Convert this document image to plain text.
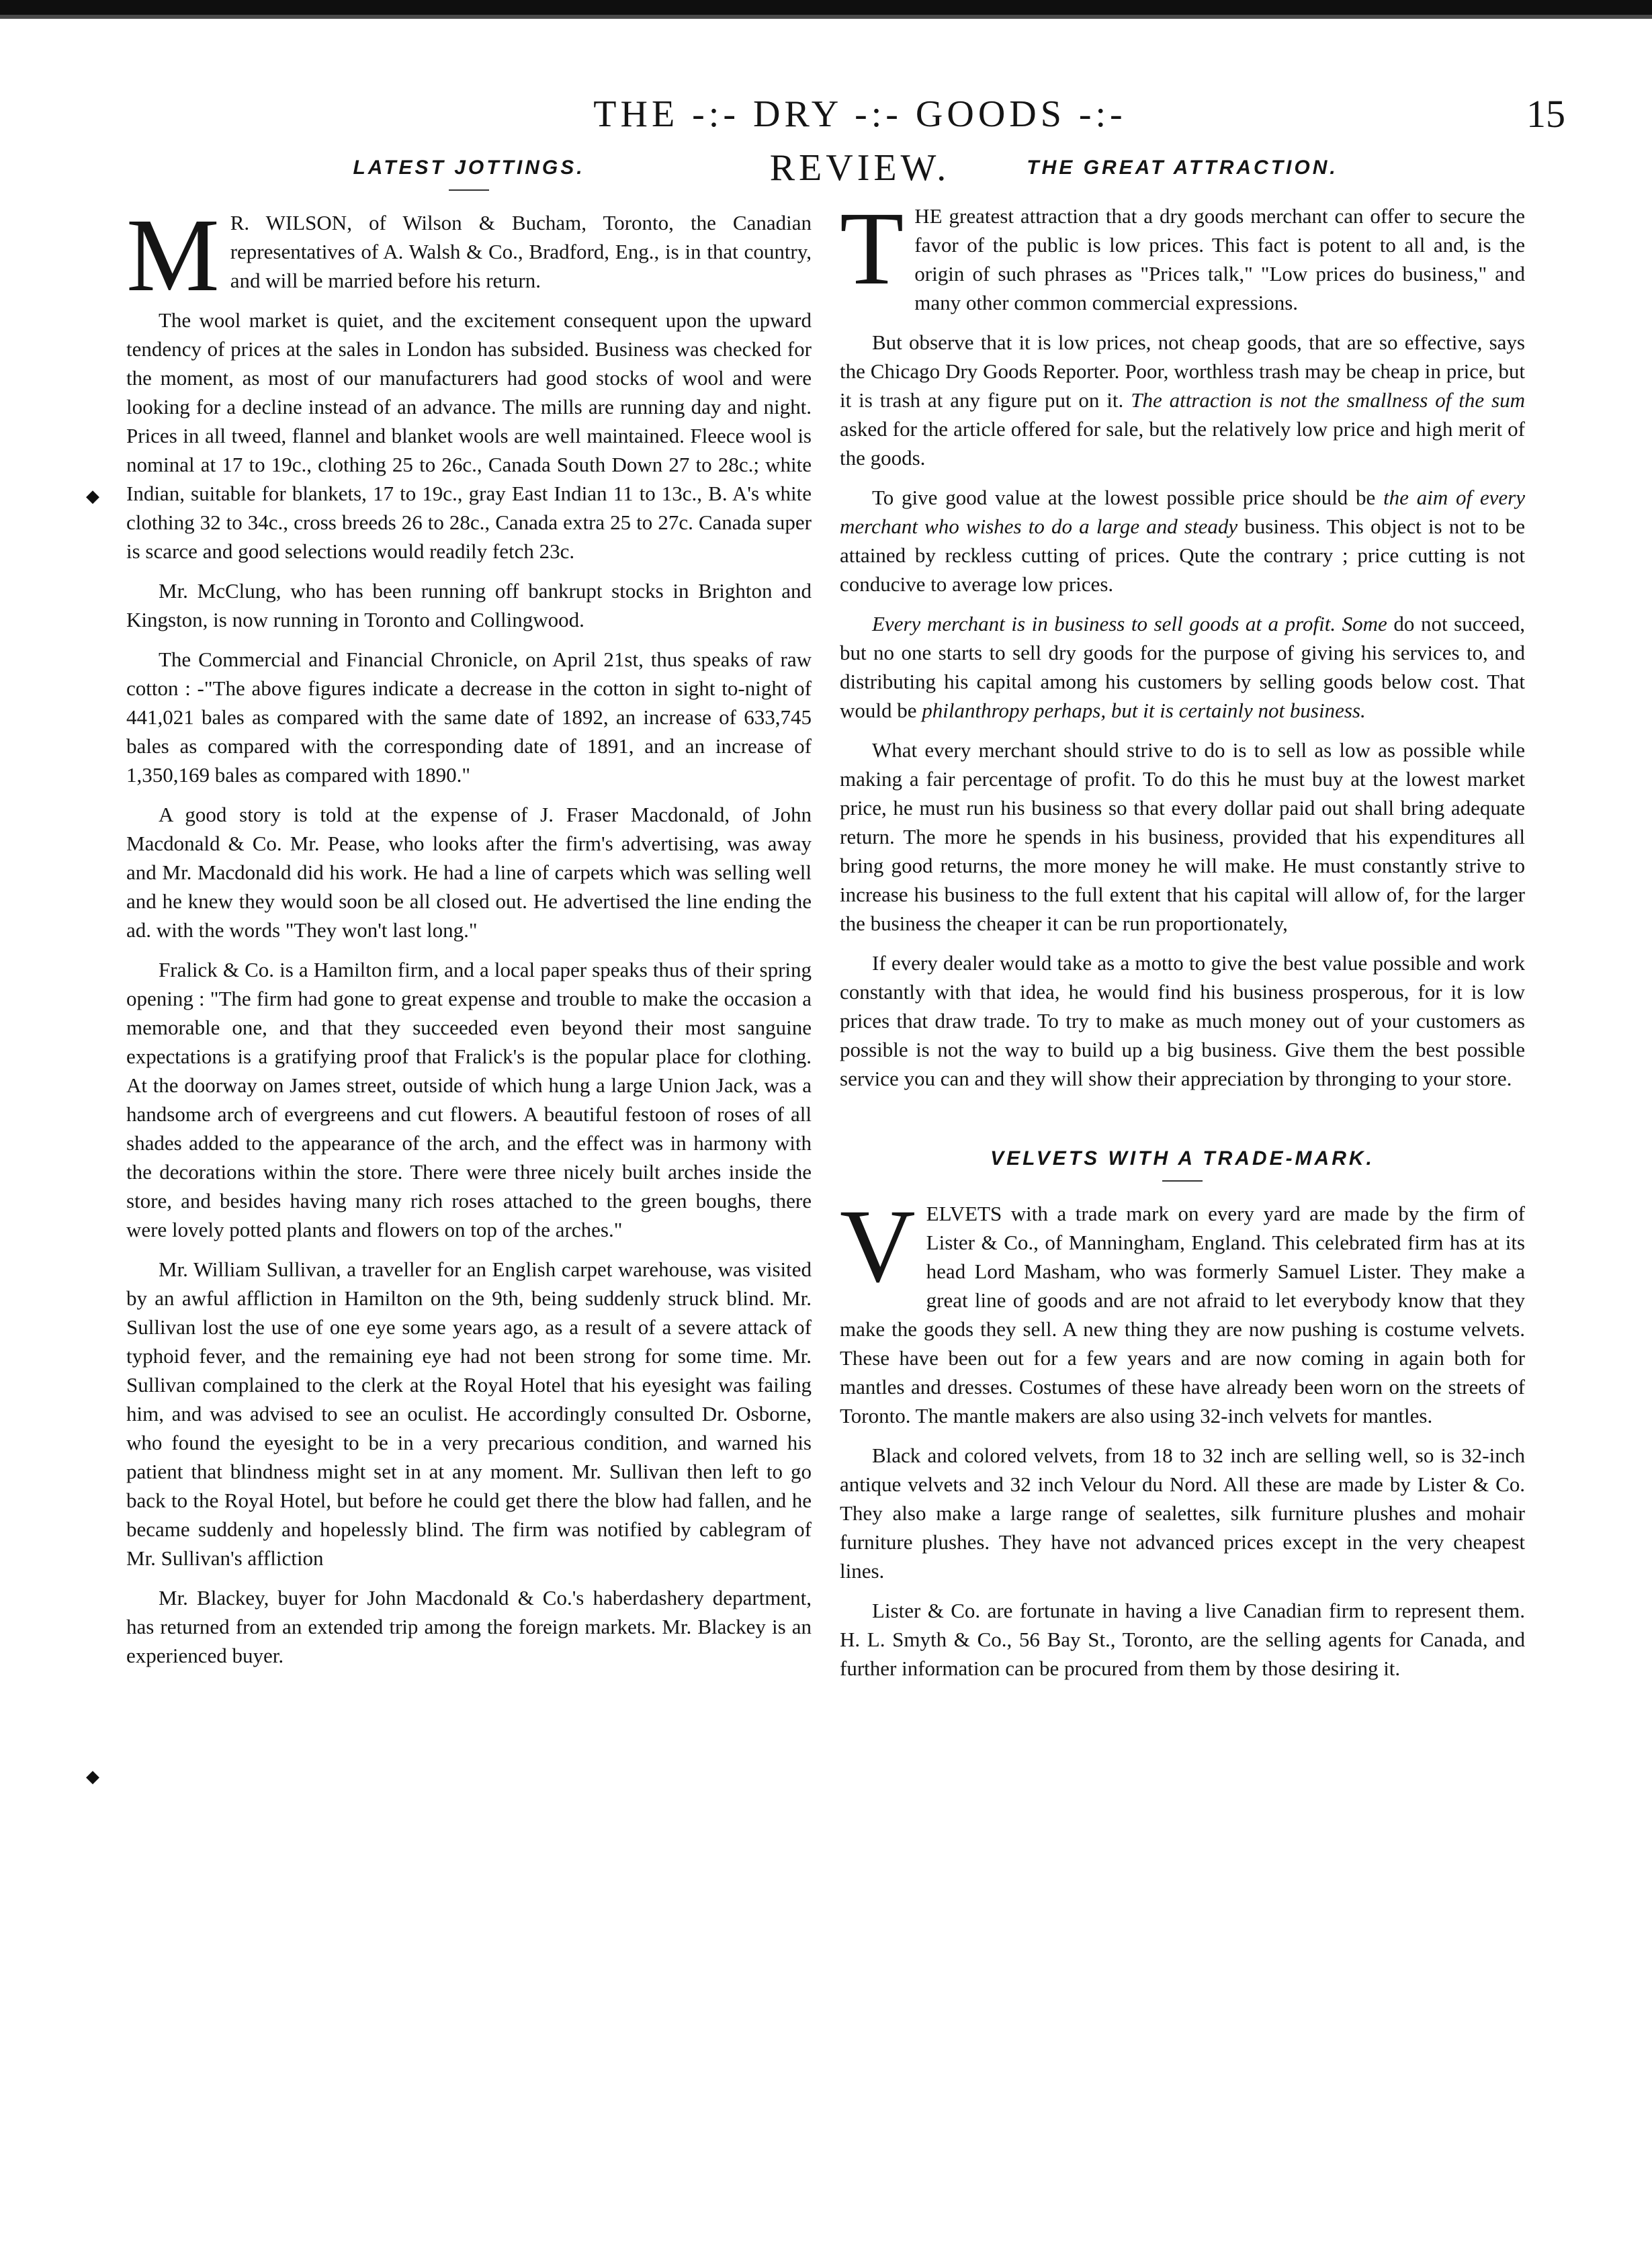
THE -:- DRY -:- GOODS -:- REVIEW.
15
◆
◆
LATEST JOTTINGS.

M R. WILSON, of Wilson & Bucham, Toronto, the Canadian representatives of A. Walsh & Co., Bradford, Eng., is in that country, and will be married before his return.

The wool market is quiet, and the excitement consequent upon the upward tendency of prices at the sales in London has subsided. Business was checked for the moment, as most of our manufacturers had good stocks of wool and were looking for a decline instead of an advance. The mills are running day and night. Prices in all tweed, flannel and blanket wools are well maintained. Fleece wool is nominal at 17 to 19c., clothing 25 to 26c., Canada South Down 27 to 28c.; white Indian, suitable for blankets, 17 to 19c., gray East Indian 11 to 13c., B. A's white clothing 32 to 34c., cross breeds 26 to 28c., Canada extra 25 to 27c. Canada super is scarce and good selections would readily fetch 23c.

Mr. McClung, who has been running off bankrupt stocks in Brighton and Kingston, is now running in Toronto and Collingwood.

The Commercial and Financial Chronicle, on April 21st, thus speaks of raw cotton : -"The above figures indicate a decrease in the cotton in sight to-night of 441,021 bales as compared with the same date of 1892, an increase of 633,745 bales as compared with the corresponding date of 1891, and an increase of 1,350,169 bales as compared with 1890."

A good story is told at the expense of J. Fraser Macdonald, of John Macdonald & Co. Mr. Pease, who looks after the firm's advertising, was away and Mr. Macdonald did his work. He had a line of carpets which was selling well and he knew they would soon be all closed out. He advertised the line ending the ad. with the words "They won't last long."

Fralick & Co. is a Hamilton firm, and a local paper speaks thus of their spring opening : "The firm had gone to great expense and trouble to make the occasion a memorable one, and that they succeeded even beyond their most sanguine expectations is a gratifying proof that Fralick's is the popular place for clothing. At the doorway on James street, outside of which hung a large Union Jack, was a handsome arch of evergreens and cut flowers. A beautiful festoon of roses of all shades added to the appearance of the arch, and the effect was in harmony with the decorations within the store. There were three nicely built arches inside the store, and besides having many rich roses attached to the green boughs, there were lovely potted plants and flowers on top of the arches."

Mr. William Sullivan, a traveller for an English carpet warehouse, was visited by an awful affliction in Hamilton on the 9th, being suddenly struck blind. Mr. Sullivan lost the use of one eye some years ago, as a result of a severe attack of typhoid fever, and the remaining eye had not been strong for some time. Mr. Sullivan complained to the clerk at the Royal Hotel that his eyesight was failing him, and was advised to see an oculist. He accordingly consulted Dr. Osborne, who found the eyesight to be in a very precarious condition, and warned his patient that blindness might set in at any moment. Mr. Sullivan then left to go back to the Royal Hotel, but before he could get there the blow had fallen, and he became suddenly and hopelessly blind. The firm was notified by cablegram of Mr. Sullivan's affliction

Mr. Blackey, buyer for John Macdonald & Co.'s haberdashery department, has returned from an extended trip among the foreign markets. Mr. Blackey is an experienced buyer.

THE GREAT ATTRACTION.

THE greatest attraction that a dry goods merchant can offer to secure the favor of the public is low prices. This fact is potent to all and, is the origin of such phrases as "Prices talk," "Low prices do business," and many other common commercial expressions.

But observe that it is low prices, not cheap goods, that are so effective, says the Chicago Dry Goods Reporter. Poor, worthless trash may be cheap in price, but it is trash at any figure put on it. The attraction is not the smallness of the sum asked for the article offered for sale, but the relatively low price and high merit of the goods.

To give good value at the lowest possible price should be the aim of every merchant who wishes to do a large and steady business. This object is not to be attained by reckless cutting of prices. Qute the contrary ; price cutting is not conducive to average low prices.

Every merchant is in business to sell goods at a profit. Some do not succeed, but no one starts to sell dry goods for the purpose of giving his services to, and distributing his capital among his customers by selling goods below cost. That would be philanthropy perhaps, but it is certainly not business.

What every merchant should strive to do is to sell as low as possible while making a fair percentage of profit. To do this he must buy at the lowest market price, he must run his business so that every dollar paid out shall bring adequate return. The more he spends in his business, provided that his expenditures all bring good returns, the more money he will make. He must constantly strive to increase his business to the full extent that his capital will allow of, for the larger the business the cheaper it can be run proportionately,

If every dealer would take as a motto to give the best value possible and work constantly with that idea, he would find his business prosperous, for it is low prices that draw trade. To try to make as much money out of your customers as possible is not the way to build up a big business. Give them the best possible service you can and they will show their appreciation by thronging to your store.

VELVETS WITH A TRADE-MARK.

VELVETS with a trade mark on every yard are made by the firm of Lister & Co., of Manningham, England. This celebrated firm has at its head Lord Masham, who was formerly Samuel Lister. They make a great line of goods and are not afraid to let everybody know that they make the goods they sell. A new thing they are now pushing is costume velvets. These have been out for a few years and are now coming in again both for mantles and dresses. Costumes of these have already been worn on the streets of Toronto. The mantle makers are also using 32-inch velvets for mantles.

Black and colored velvets, from 18 to 32 inch are selling well, so is 32-inch antique velvets and 32 inch Velour du Nord. All these are made by Lister & Co. They also make a large range of sealettes, silk furniture plushes and mohair furniture plushes. They have not advanced prices except in the very cheapest lines.

Lister & Co. are fortunate in having a live Canadian firm to represent them. H. L. Smyth & Co., 56 Bay St., Toronto, are the selling agents for Canada, and further information can be procured from them by those desiring it.
